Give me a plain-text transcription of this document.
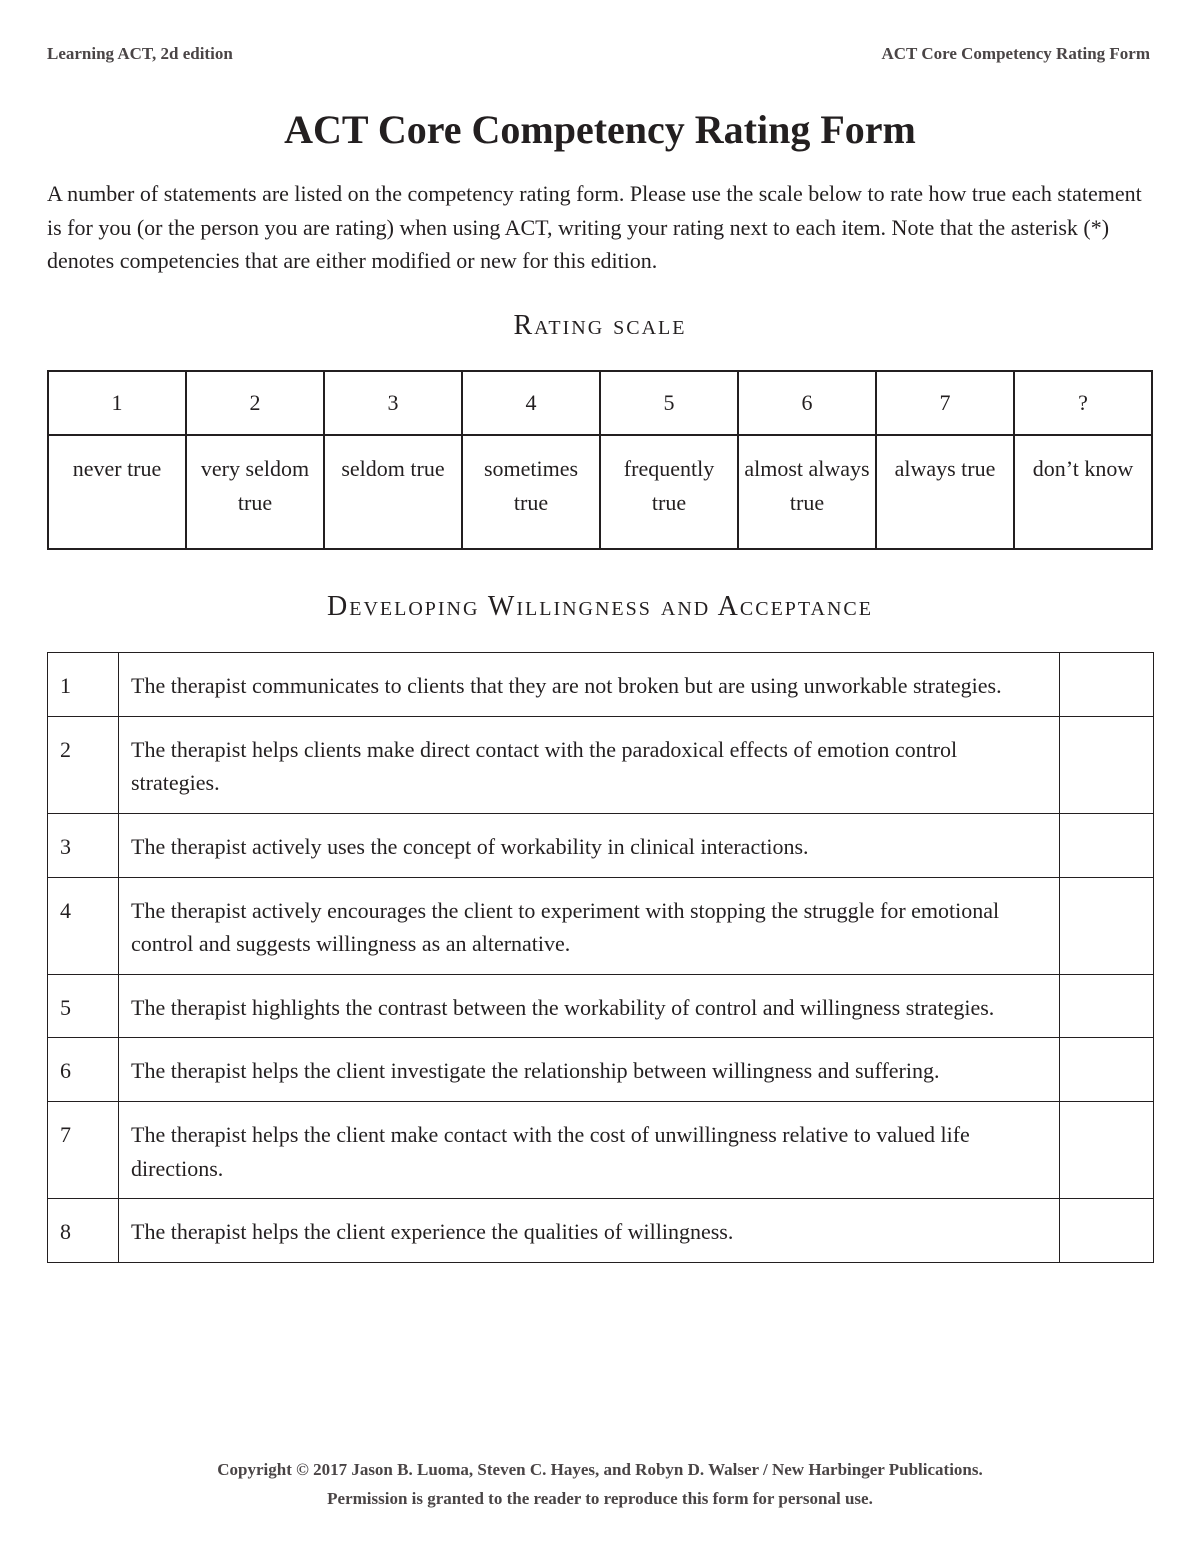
Learning ACT, 2d edition	ACT Core Competency Rating Form
ACT Core Competency Rating Form

A number of statements are listed on the competency rating form. Please use the scale below to rate how true each statement is for you (or the person you are rating) when using ACT, writing your rating next to each item. Note that the asterisk (*) denotes competencies that are either modified or new for this edition.

Rating scale
1	2	3	4	5	6	7	?
never true	very seldom true	seldom true	sometimes true	frequently true	almost always true	always true	don’t know
Developing Willingness and Acceptance
1	The therapist communicates to clients that they are not broken but are using unworkable strategies.	
2	The therapist helps clients make direct contact with the paradoxical effects of emotion control strategies.	
3	The therapist actively uses the concept of workability in clinical interactions.	
4	The therapist actively encourages the client to experiment with stopping the struggle for emotional control and suggests willingness as an alternative.	
5	The therapist highlights the contrast between the workability of control and willingness strategies.	
6	The therapist helps the client investigate the relationship between willingness and suffering.	
7	The therapist helps the client make contact with the cost of unwillingness relative to valued life directions.	
8	The therapist helps the client experience the qualities of willingness.	
Copyright © 2017 Jason B. Luoma, Steven C. Hayes, and Robyn D. Walser / New Harbinger Publications.
Permission is granted to the reader to reproduce this form for personal use.
